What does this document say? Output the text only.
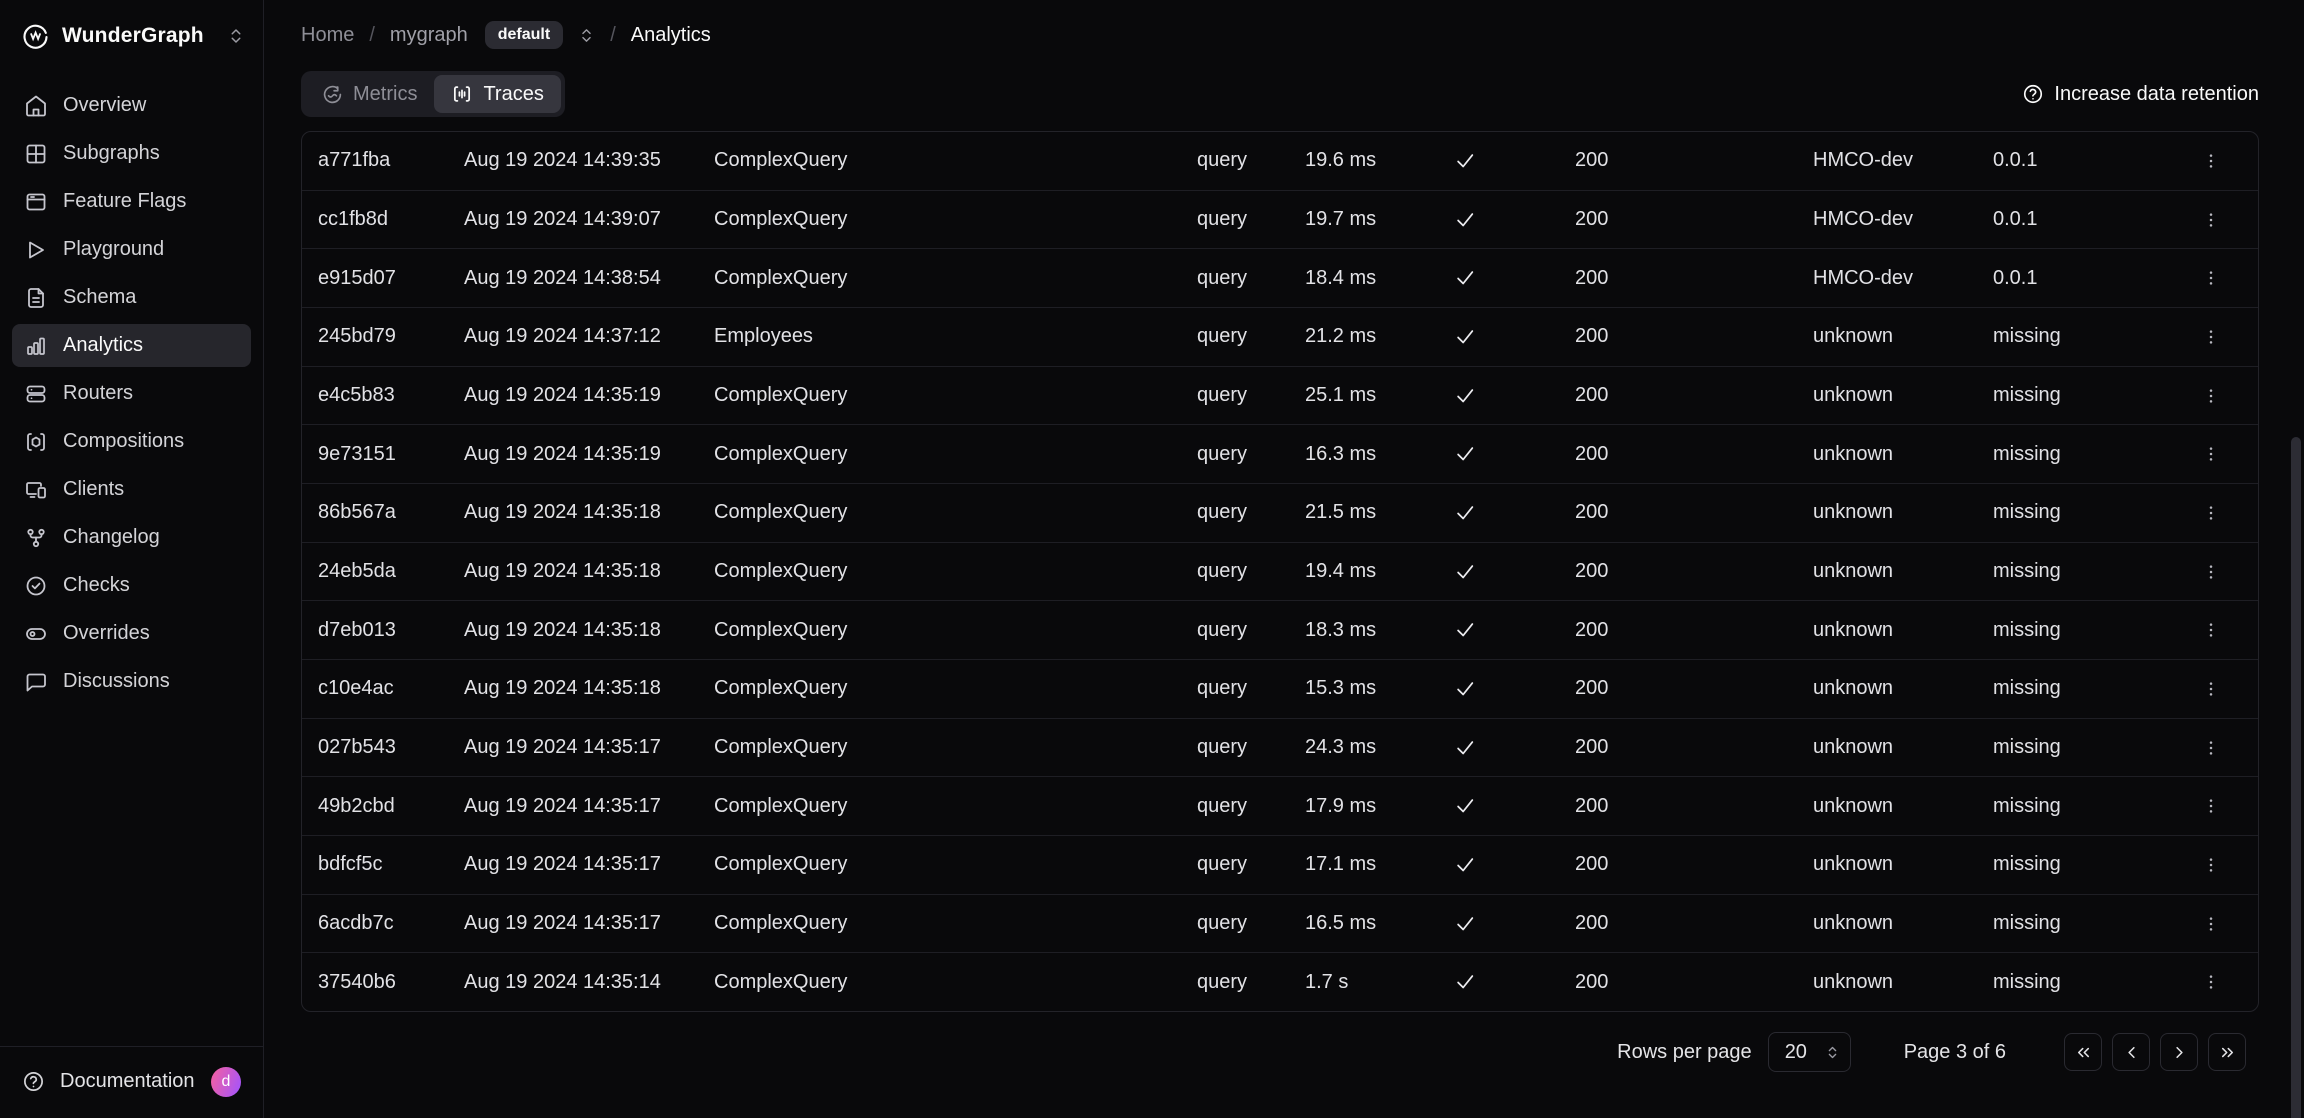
WunderGraph
Overview
Subgraphs
Feature Flags
Playground
Schema
Analytics
Routers
Compositions
Clients
Changelog
Checks
Overrides
Discussions
Documentation	d
Home / mygraph	default	/ Analytics
Metrics	Traces	Increase data retention
a771fba	Aug 19 2024 14:39:35	ComplexQuery	query	19.6 ms	200	HMCO-dev	0.0.1
cc1fb8d	Aug 19 2024 14:39:07	ComplexQuery	query	19.7 ms	200	HMCO-dev	0.0.1
e915d07	Aug 19 2024 14:38:54	ComplexQuery	query	18.4 ms	200	HMCO-dev	0.0.1
245bd79	Aug 19 2024 14:37:12	Employees	query	21.2 ms	200	unknown	missing
e4c5b83	Aug 19 2024 14:35:19	ComplexQuery	query	25.1 ms	200	unknown	missing
9e73151	Aug 19 2024 14:35:19	ComplexQuery	query	16.3 ms	200	unknown	missing
86b567a	Aug 19 2024 14:35:18	ComplexQuery	query	21.5 ms	200	unknown	missing
24eb5da	Aug 19 2024 14:35:18	ComplexQuery	query	19.4 ms	200	unknown	missing
d7eb013	Aug 19 2024 14:35:18	ComplexQuery	query	18.3 ms	200	unknown	missing
c10e4ac	Aug 19 2024 14:35:18	ComplexQuery	query	15.3 ms	200	unknown	missing
027b543	Aug 19 2024 14:35:17	ComplexQuery	query	24.3 ms	200	unknown	missing
49b2cbd	Aug 19 2024 14:35:17	ComplexQuery	query	17.9 ms	200	unknown	missing
bdfcf5c	Aug 19 2024 14:35:17	ComplexQuery	query	17.1 ms	200	unknown	missing
6acdb7c	Aug 19 2024 14:35:17	ComplexQuery	query	16.5 ms	200	unknown	missing
37540b6	Aug 19 2024 14:35:14	ComplexQuery	query	1.7 s	200	unknown	missing
Rows per page 20	Page 3 of 6
